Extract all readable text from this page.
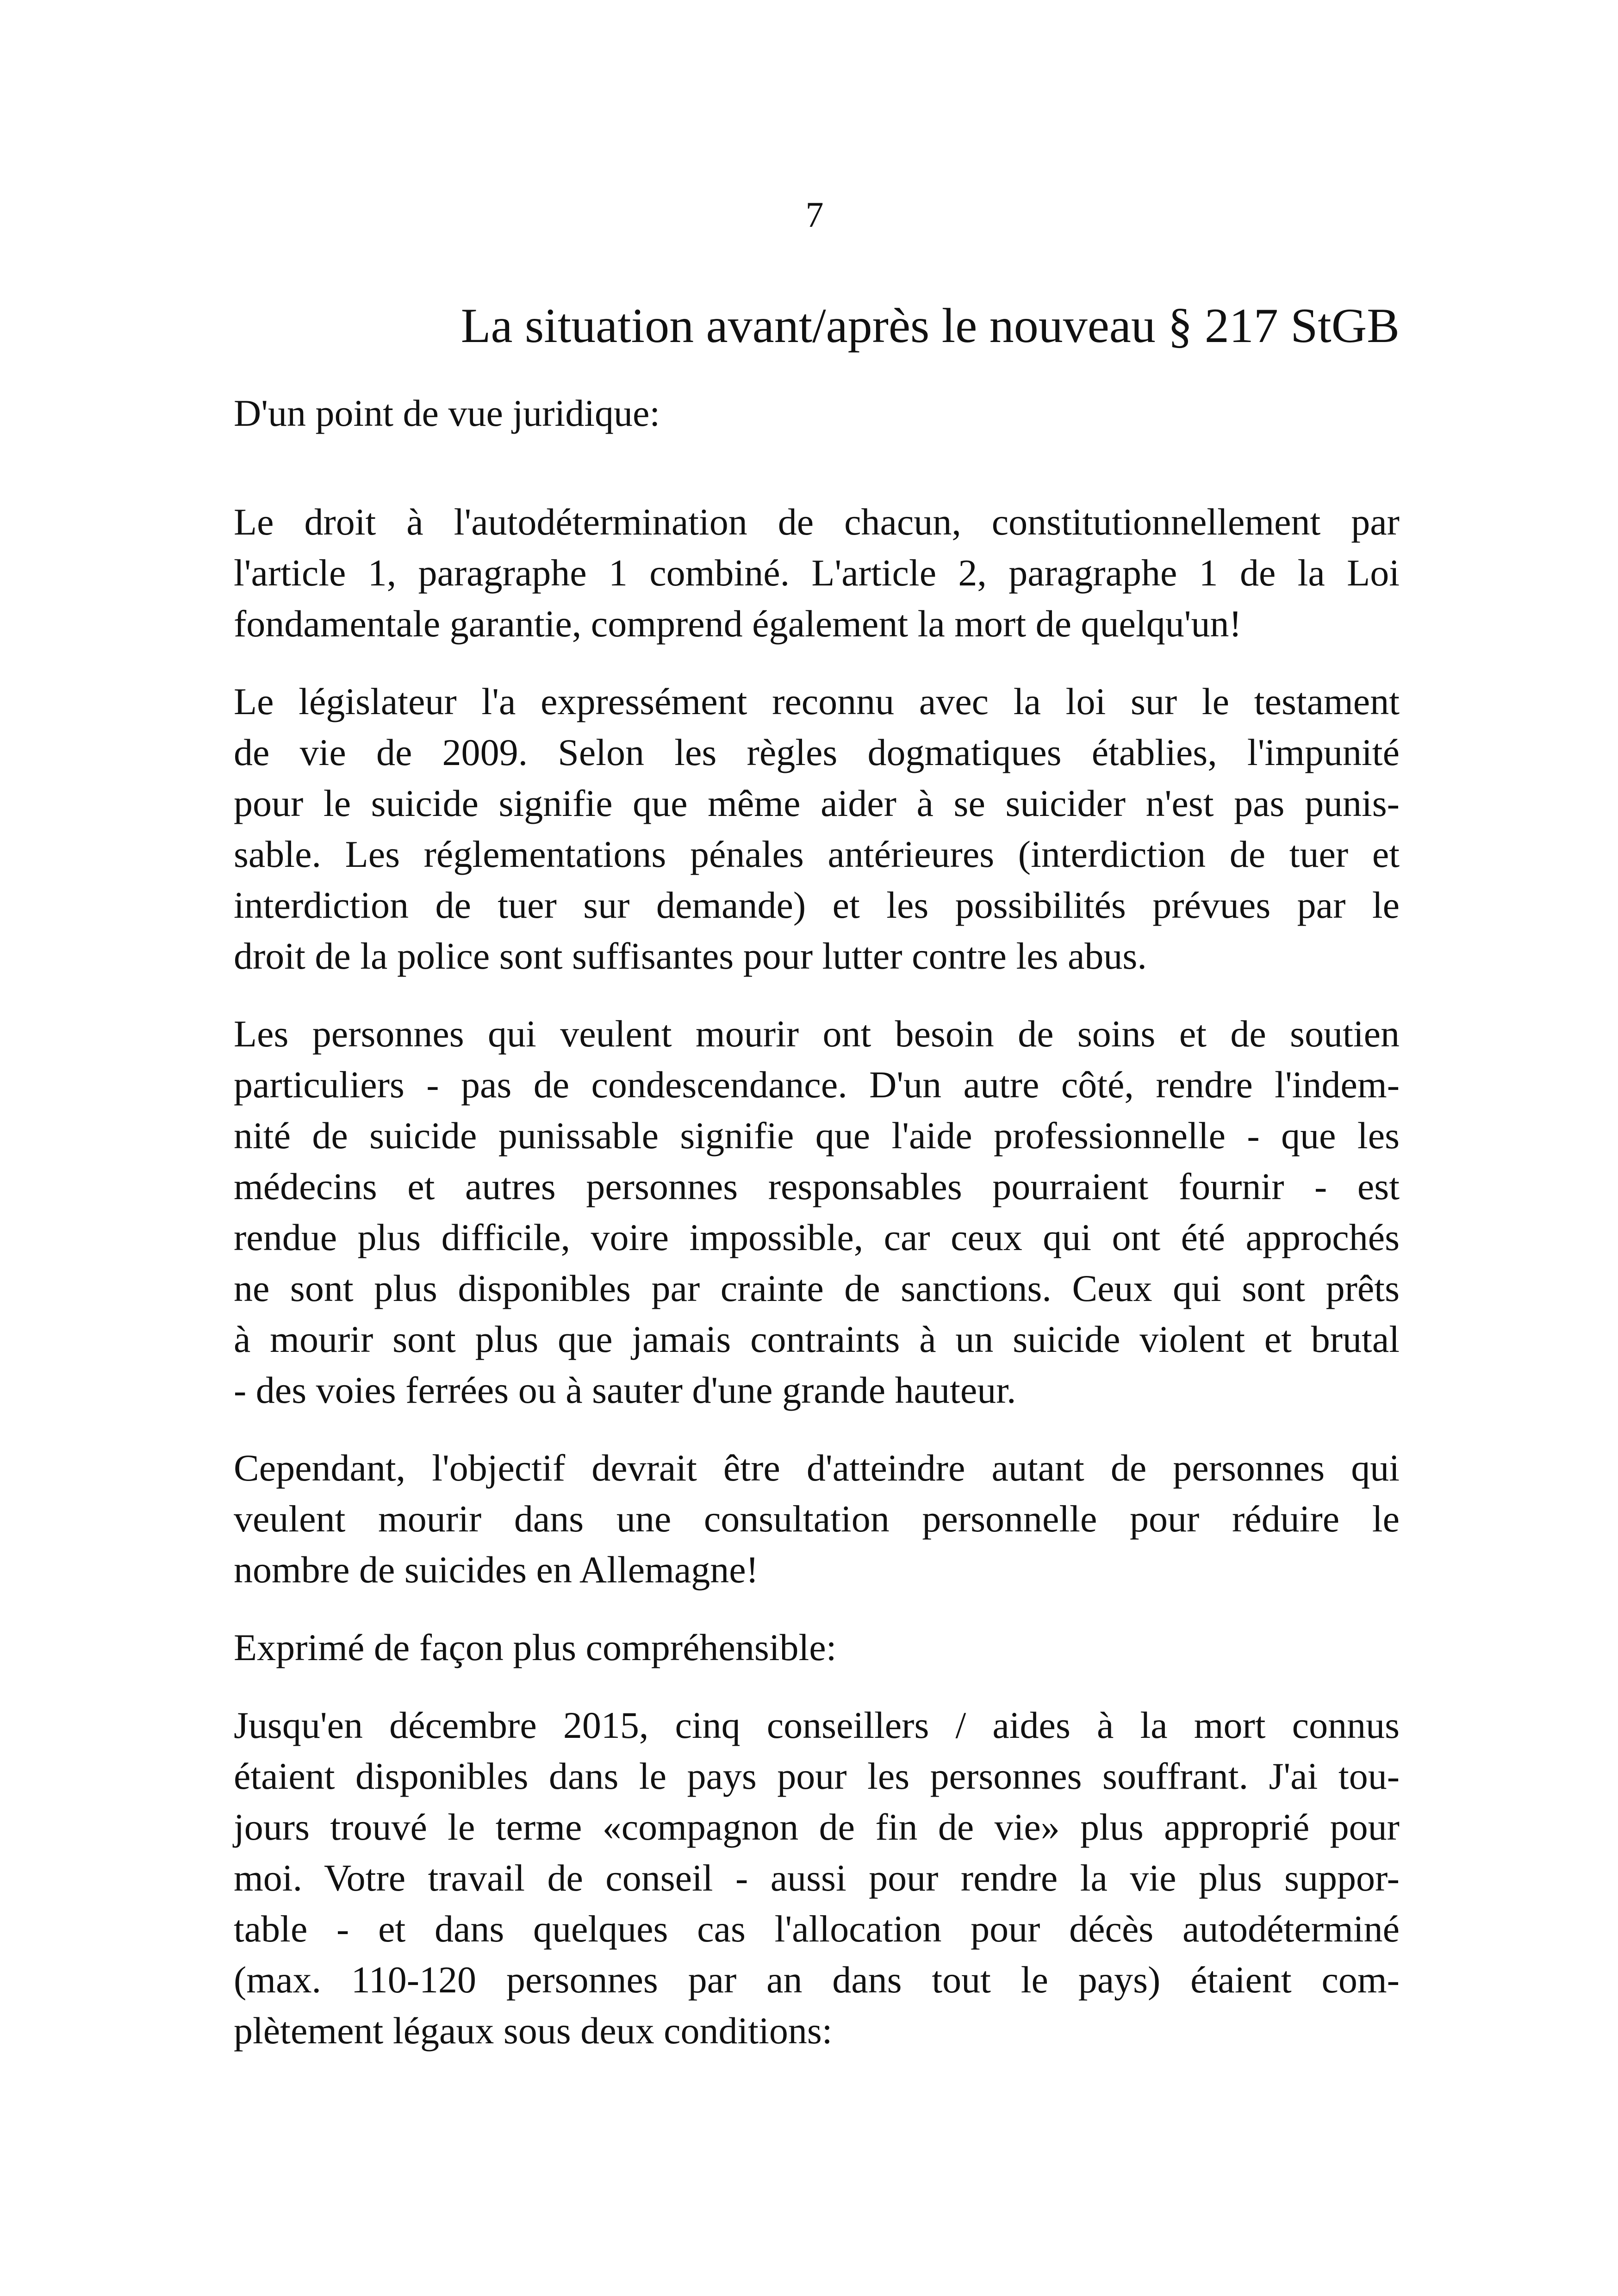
7
La situation avant/après le nouveau § 217 StGB
D'un point de vue juridique:
Le droit à l'autodétermination de chacun, constitutionnellement par
l'article 1, paragraphe 1 combiné. L'article 2, paragraphe 1 de la Loi
fondamentale garantie, comprend également la mort de quelqu'un!
Le législateur l'a expressément reconnu avec la loi sur le testament
de vie de 2009. Selon les règles dogmatiques établies, l'impunité
pour le suicide signifie que même aider à se suicider n'est pas punis-
sable. Les réglementations pénales antérieures (interdiction de tuer et
interdiction de tuer sur demande) et les possibilités prévues par le
droit de la police sont suffisantes pour lutter contre les abus.
Les personnes qui veulent mourir ont besoin de soins et de soutien
particuliers - pas de condescendance. D'un autre côté, rendre l'indem-
nité de suicide punissable signifie que l'aide professionnelle - que les
médecins et autres personnes responsables pourraient fournir - est
rendue plus difficile, voire impossible, car ceux qui ont été approchés
ne sont plus disponibles par crainte de sanctions. Ceux qui sont prêts
à mourir sont plus que jamais contraints à un suicide violent et brutal
- des voies ferrées ou à sauter d'une grande hauteur.
Cependant, l'objectif devrait être d'atteindre autant de personnes qui
veulent mourir dans une consultation personnelle pour réduire le
nombre de suicides en Allemagne!
Exprimé de façon plus compréhensible:
Jusqu'en décembre 2015, cinq conseillers / aides à la mort connus
étaient disponibles dans le pays pour les personnes souffrant. J'ai tou-
jours trouvé le terme «compagnon de fin de vie» plus approprié pour
moi. Votre travail de conseil - aussi pour rendre la vie plus suppor-
table - et dans quelques cas l'allocation pour décès autodéterminé
(max. 110-120 personnes par an dans tout le pays) étaient com-
plètement légaux sous deux conditions:
